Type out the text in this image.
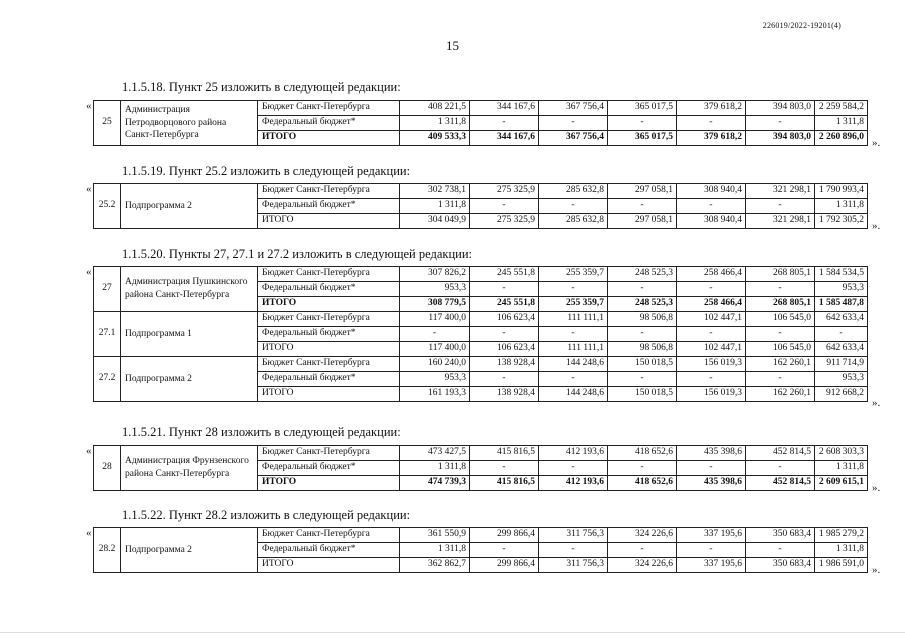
226019/2022-19201(4)
15
1.1.5.18. Пункт 25 изложить в следующей редакции:
«
25	Администрация Петродворцового района Санкт-Петербурга	Бюджет Санкт-Петербурга	408 221,5	344 167,6	367 756,4	365 017,5	379 618,2	394 803,0	2 259 584,2
		Федеральный бюджет*	1 311,8	-	-	-	-	-	1 311,8
		ИТОГО	409 533,3	344 167,6	367 756,4	365 017,5	379 618,2	394 803,0	2 260 896,0 ».
1.1.5.19. Пункт 25.2 изложить в следующей редакции:
«
25.2	Подпрограмма 2	Бюджет Санкт-Петербурга	302 738,1	275 325,9	285 632,8	297 058,1	308 940,4	321 298,1	1 790 993,4
		Федеральный бюджет*	1 311,8	-	-	-	-	-	1 311,8
		ИТОГО	304 049,9	275 325,9	285 632,8	297 058,1	308 940,4	321 298,1	1 792 305,2 ».
1.1.5.20. Пункты 27, 27.1 и 27.2 изложить в следующей редакции:
«
27	Администрация Пушкинского района Санкт-Петербурга	Бюджет Санкт-Петербурга	307 826,2	245 551,8	255 359,7	248 525,3	258 466,4	268 805,1	1 584 534,5
		Федеральный бюджет*	953,3	-	-	-	-	-	953,3
		ИТОГО	308 779,5	245 551,8	255 359,7	248 525,3	258 466,4	268 805,1	1 585 487,8
27.1	Подпрограмма 1	Бюджет Санкт-Петербурга	117 400,0	106 623,4	111 111,1	98 506,8	102 447,1	106 545,0	642 633,4
		Федеральный бюджет*	-	-	-	-	-	-	-
		ИТОГО	117 400,0	106 623,4	111 111,1	98 506,8	102 447,1	106 545,0	642 633,4
27.2	Подпрограмма 2	Бюджет Санкт-Петербурга	160 240,0	138 928,4	144 248,6	150 018,5	156 019,3	162 260,1	911 714,9
		Федеральный бюджет*	953,3	-	-	-	-	-	953,3
		ИТОГО	161 193,3	138 928,4	144 248,6	150 018,5	156 019,3	162 260,1	912 668,2
».
1.1.5.21. Пункт 28 изложить в следующей редакции:
«
28	Администрация Фрунзенского района Санкт-Петербурга	Бюджет Санкт-Петербурга	473 427,5	415 816,5	412 193,6	418 652,6	435 398,6	452 814,5	2 608 303,3
		Федеральный бюджет*	1 311,8	-	-	-	-	-	1 311,8
		ИТОГО	474 739,3	415 816,5	412 193,6	418 652,6	435 398,6	452 814,5	2 609 615,1 ».
1.1.5.22. Пункт 28.2 изложить в следующей редакции:
«
28.2	Подпрограмма 2	Бюджет Санкт-Петербурга	361 550,9	299 866,4	311 756,3	324 226,6	337 195,6	350 683,4	1 985 279,2
		Федеральный бюджет*	1 311,8	-	-	-	-	-	1 311,8
		ИТОГО	362 862,7	299 866,4	311 756,3	324 226,6	337 195,6	350 683,4	1 986 591,0 ».
